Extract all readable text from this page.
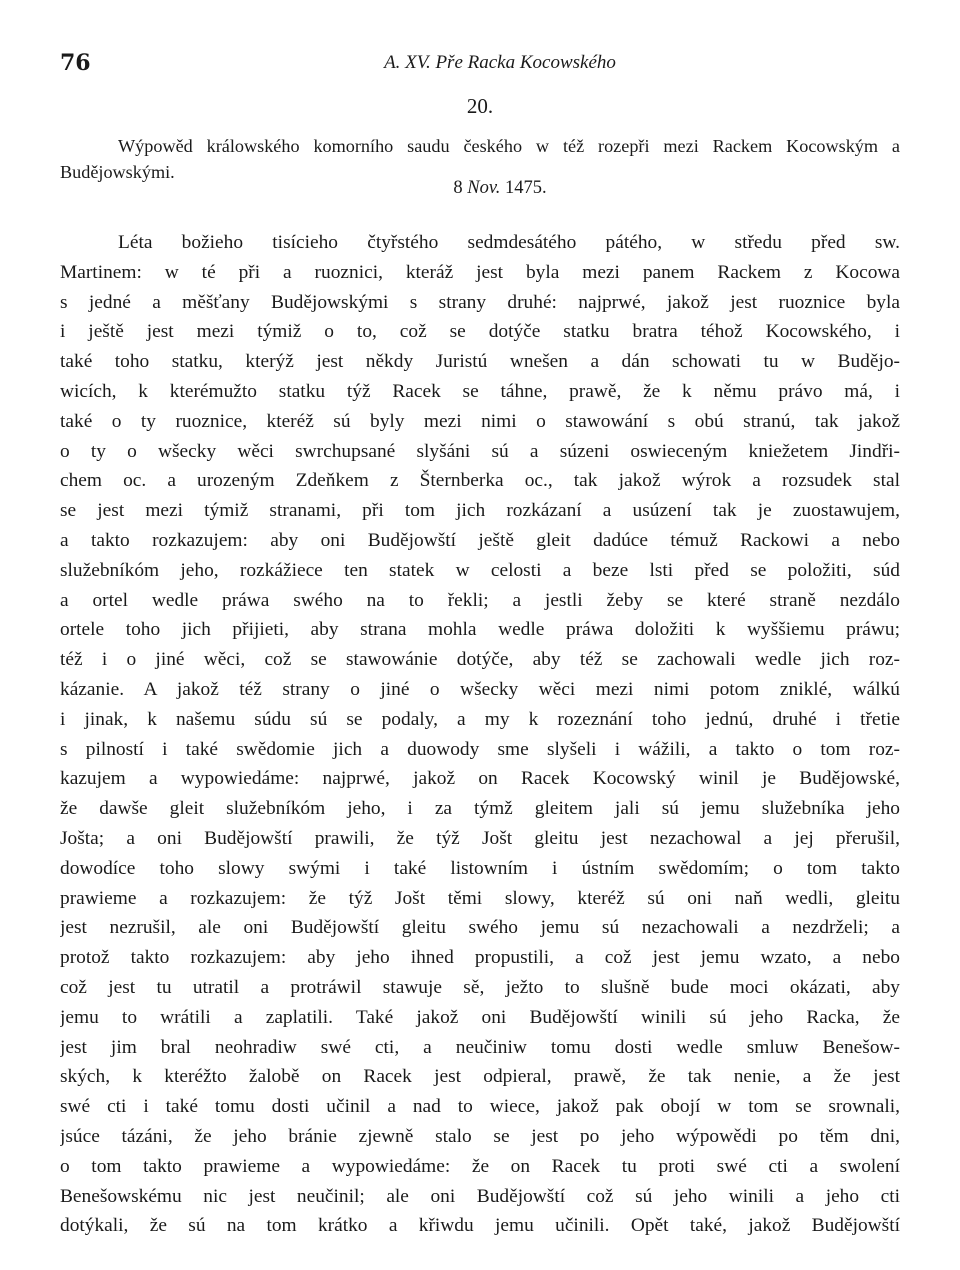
76	A. XV. Pře Racka Kocowského
20.
Wýpowěd králowského komorního saudu českého w též rozepři mezi Rackem Kocowským a Budějowskými.
8 Nov. 1475.
Léta božieho tisícieho čtyřstého sedmdesátého pátého, w středu před sw.
Martinem: w té při a ruoznici, kteráž jest byla mezi panem Rackem z Kocowa
s jedné a měšťany Budějowskými s strany druhé: najprwé, jakož jest ruoznice byla
i ještě jest mezi týmiž o to, což se dotýče statku bratra téhož Kocowského, i
také toho statku, kterýž jest někdy Juristú wnešen a dán schowati tu w Budějo-
wicích, k kterémužto statku týž Racek se táhne, prawě, že k němu právo má, i
také o ty ruoznice, kteréž sú byly mezi nimi o stawowání s obú stranú, tak jakož
o ty o wšecky wěci swrchupsané slyšáni sú a súzeni oswieceným kniežetem Jindři-
chem oc. a urozeným Zdeňkem z Šternberka oc., tak jakož wýrok a rozsudek stal
se jest mezi týmiž stranami, při tom jich rozkázaní a usúzení tak je zuostawujem,
a takto rozkazujem: aby oni Budějowští ještě gleit dadúce témuž Rackowi a nebo
služebníkóm jeho, rozkážiece ten statek w celosti a beze lsti před se položiti, súd
a ortel wedle práwa swého na to řekli; a jestli žeby se které straně nezdálo
ortele toho jich přijieti, aby strana mohla wedle práwa doložiti k wyššiemu práwu;
též i o jiné wěci, což se stawowánie dotýče, aby též se zachowali wedle jich roz-
kázanie. A jakož též strany o jiné o wšecky wěci mezi nimi potom zniklé, wálkú
i jinak, k našemu súdu sú se podaly, a my k rozeznání toho jednú, druhé i třetie
s pilností i také swědomie jich a duowody sme slyšeli i wážili, a takto o tom roz-
kazujem a wypowiedáme: najprwé, jakož on Racek Kocowský winil je Budějowské,
že dawše gleit služebníkóm jeho, i za týmž gleitem jali sú jemu služebníka jeho
Jošta; a oni Budějowští prawili, že týž Jošt gleitu jest nezachowal a jej přerušil,
dowodíce toho slowy swými i také listowním i ústním swědomím; o tom takto
prawieme a rozkazujem: že týž Jošt těmi slowy, kteréž sú oni naň wedli, gleitu
jest nezrušil, ale oni Budějowští gleitu swého jemu sú nezachowali a nezdrželi; a
protož takto rozkazujem: aby jeho ihned propustili, a což jest jemu wzato, a nebo
což jest tu utratil a protráwil stawuje sě, ježto to slušně bude moci okázati, aby
jemu to wrátili a zaplatili. Také jakož oni Budějowští winili sú jeho Racka, že
jest jim bral neohradiw swé cti, a neučiniw tomu dosti wedle smluw Benešow-
ských, k kteréžto žalobě on Racek jest odpieral, prawě, že tak nenie, a že jest
swé cti i také tomu dosti učinil a nad to wiece, jakož pak obojí w tom se srownali,
jsúce tázáni, že jeho bránie zjewně stalo se jest po jeho wýpowědi po těm dni,
o tom takto prawieme a wypowiedáme: že on Racek tu proti swé cti a swolení
Benešowskému nic jest neučinil; ale oni Budějowští což sú jeho winili a jeho cti
dotýkali, že sú na tom krátko a křiwdu jemu učinili. Opět také, jakož Budějowští
